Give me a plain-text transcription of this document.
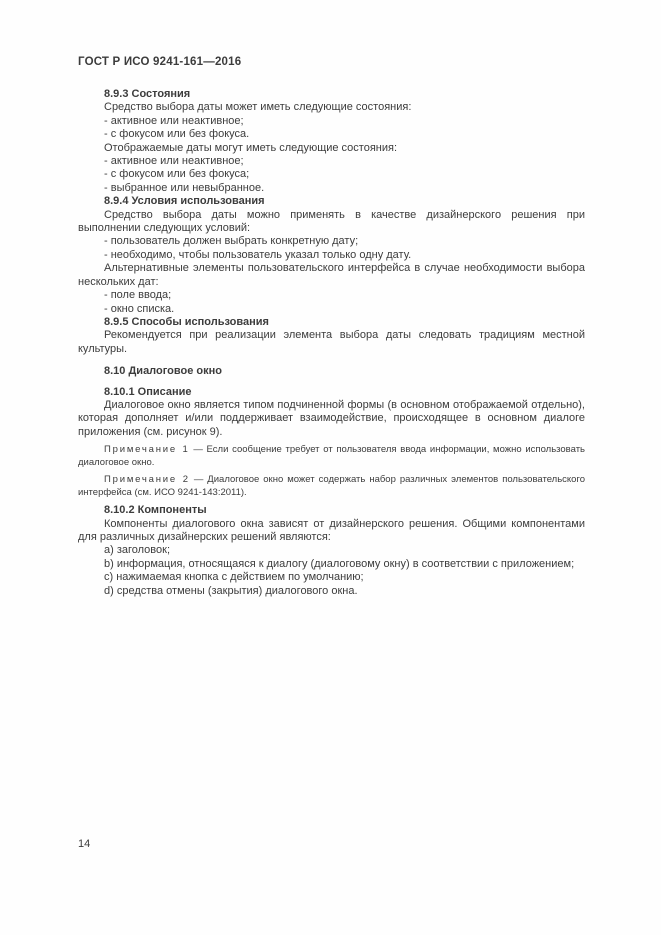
ГОСТ Р ИСО 9241-161—2016

8.9.3 Состояния

Средство выбора даты может иметь следующие состояния:

- активное или неактивное;

- с фокусом или без фокуса.

Отображаемые даты могут иметь следующие состояния:

- активное или неактивное;

- с фокусом или без фокуса;

- выбранное или невыбранное.

8.9.4 Условия использования

Средство выбора даты можно применять в качестве дизайнерского решения при выполнении следующих условий:

- пользователь должен выбрать конкретную дату;

- необходимо, чтобы пользователь указал только одну дату.

Альтернативные элементы пользовательского интерфейса в случае необходимости выбора нескольких дат:

- поле ввода;

- окно списка.

8.9.5 Способы использования

Рекомендуется при реализации элемента выбора даты следовать традициям местной культуры.

8.10 Диалоговое окно

8.10.1 Описание

Диалоговое окно является типом подчиненной формы (в основном отображаемой отдельно), которая дополняет и/или поддерживает взаимодействие, происходящее в основном диалоге приложения (см. рисунок 9).

Примечание 1 — Если сообщение требует от пользователя ввода информации, можно использовать диалоговое окно.

Примечание 2 — Диалоговое окно может содержать набор различных элементов пользовательского интерфейса (см. ИСО 9241-143:2011).

8.10.2 Компоненты

Компоненты диалогового окна зависят от дизайнерского решения. Общими компонентами для различных дизайнерских решений являются:

a) заголовок;

b) информация, относящаяся к диалогу (диалоговому окну) в соответствии с приложением;

c) нажимаемая кнопка с действием по умолчанию;

d) средства отмены (закрытия) диалогового окна.

14
